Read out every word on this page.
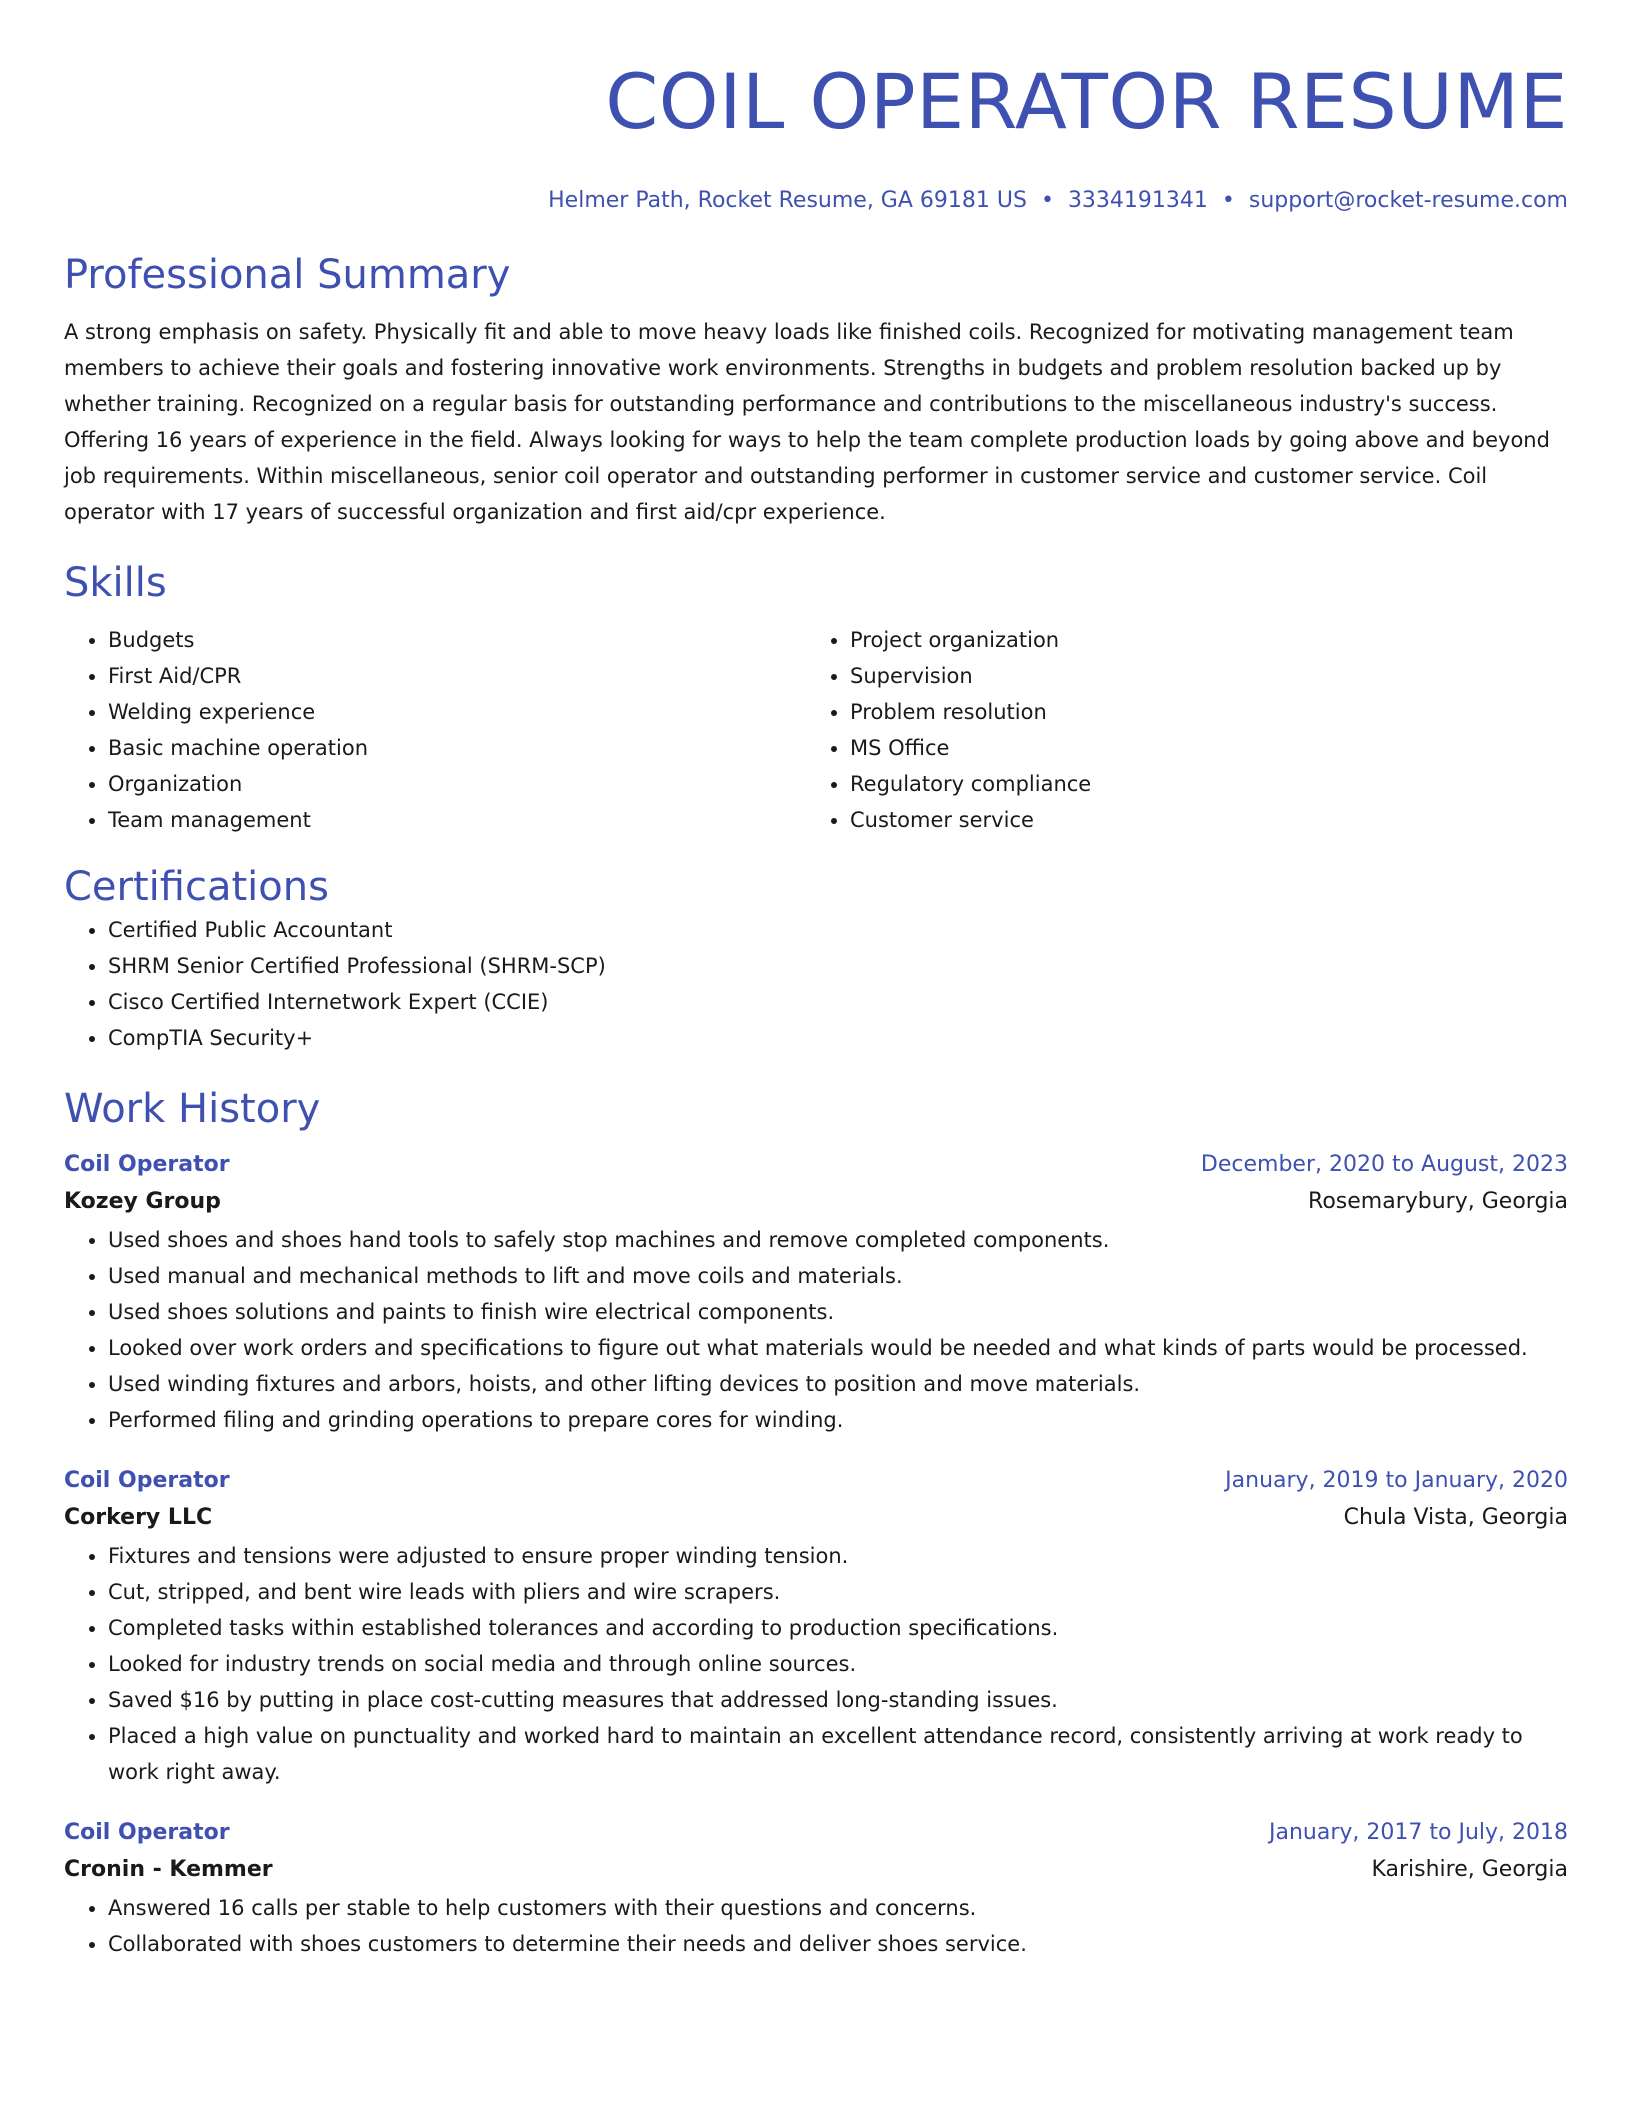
COIL OPERATOR RESUME
Helmer Path, Rocket Resume, GA 69181 US • 3334191341 • support@rocket-resume.com
Professional Summary
A strong emphasis on safety. Physically fit and able to move heavy loads like finished coils. Recognized for motivating management team members to achieve their goals and fostering innovative work environments. Strengths in budgets and problem resolution backed up by whether training. Recognized on a regular basis for outstanding performance and contributions to the miscellaneous industry's success. Offering 16 years of experience in the field. Always looking for ways to help the team complete production loads by going above and beyond job requirements. Within miscellaneous, senior coil operator and outstanding performer in customer service and customer service. Coil operator with 17 years of successful organization and first aid/cpr experience.
Skills
• Budgets
• First Aid/CPR
• Welding experience
• Basic machine operation
• Organization
• Team management
• Project organization
• Supervision
• Problem resolution
• MS Office
• Regulatory compliance
• Customer service
Certifications
• Certified Public Accountant
• SHRM Senior Certified Professional (SHRM-SCP)
• Cisco Certified Internetwork Expert (CCIE)
• CompTIA Security+
Work History
Coil Operator	December, 2020 to August, 2023
Kozey Group	Rosemarybury, Georgia
• Used shoes and shoes hand tools to safely stop machines and remove completed components.
• Used manual and mechanical methods to lift and move coils and materials.
• Used shoes solutions and paints to finish wire electrical components.
• Looked over work orders and specifications to figure out what materials would be needed and what kinds of parts would be processed.
• Used winding fixtures and arbors, hoists, and other lifting devices to position and move materials.
• Performed filing and grinding operations to prepare cores for winding.
Coil Operator	January, 2019 to January, 2020
Corkery LLC	Chula Vista, Georgia
• Fixtures and tensions were adjusted to ensure proper winding tension.
• Cut, stripped, and bent wire leads with pliers and wire scrapers.
• Completed tasks within established tolerances and according to production specifications.
• Looked for industry trends on social media and through online sources.
• Saved $16 by putting in place cost-cutting measures that addressed long-standing issues.
• Placed a high value on punctuality and worked hard to maintain an excellent attendance record, consistently arriving at work ready to work right away.
Coil Operator	January, 2017 to July, 2018
Cronin - Kemmer	Karishire, Georgia
• Answered 16 calls per stable to help customers with their questions and concerns.
• Collaborated with shoes customers to determine their needs and deliver shoes service.
